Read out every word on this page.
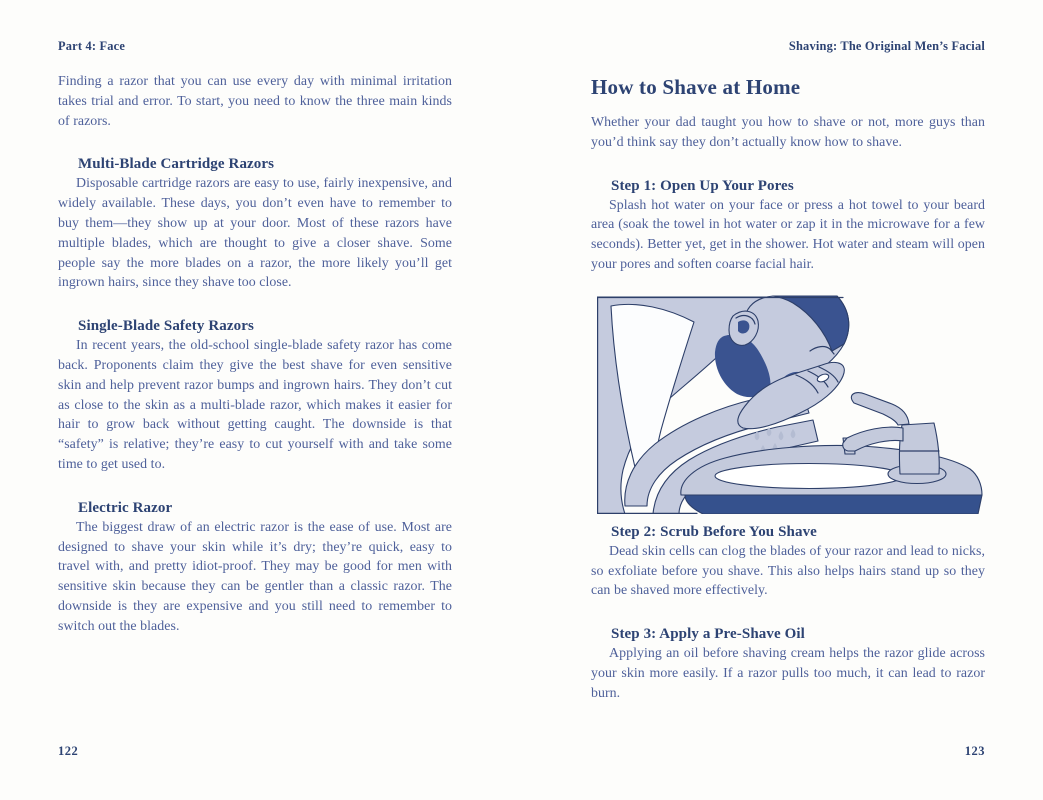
Part 4: Face

Finding a razor that you can use every day with minimal irritation takes trial and error. To start, you need to know the three main kinds of razors.

Multi-Blade Cartridge Razors

Disposable cartridge razors are easy to use, fairly inexpensive, and widely available. These days, you don’t even have to remember to buy them—they show up at your door. Most of these razors have multiple blades, which are thought to give a closer shave. Some people say the more blades on a razor, the more likely you’ll get ingrown hairs, since they shave too close.

Single-Blade Safety Razors

In recent years, the old-school single-blade safety razor has come back. Proponents claim they give the best shave for even sensitive skin and help prevent razor bumps and ingrown hairs. They don’t cut as close to the skin as a multi-blade razor, which makes it easier for hair to grow back without getting caught. The downside is that “safety” is relative; they’re easy to cut yourself with and take some time to get used to.

Electric Razor

The biggest draw of an electric razor is the ease of use. Most are designed to shave your skin while it’s dry; they’re quick, easy to travel with, and pretty idiot-proof. They may be good for men with sensitive skin because they can be gentler than a classic razor. The downside is they are expensive and you still need to remember to switch out the blades.

122
Shaving: The Original Men’s Facial
How to Shave at Home

Whether your dad taught you how to shave or not, more guys than you’d think say they don’t actually know how to shave.

Step 1: Open Up Your Pores

Splash hot water on your face or press a hot towel to your beard area (soak the towel in hot water or zap it in the microwave for a few seconds). Better yet, get in the shower. Hot water and steam will open your pores and soften coarse facial hair.

Step 2: Scrub Before You Shave

Dead skin cells can clog the blades of your razor and lead to nicks, so exfoliate before you shave. This also helps hairs stand up so they can be shaved more effectively.

Step 3: Apply a Pre-Shave Oil

Applying an oil before shaving cream helps the razor glide across your skin more easily. If a razor pulls too much, it can lead to razor burn.

123
